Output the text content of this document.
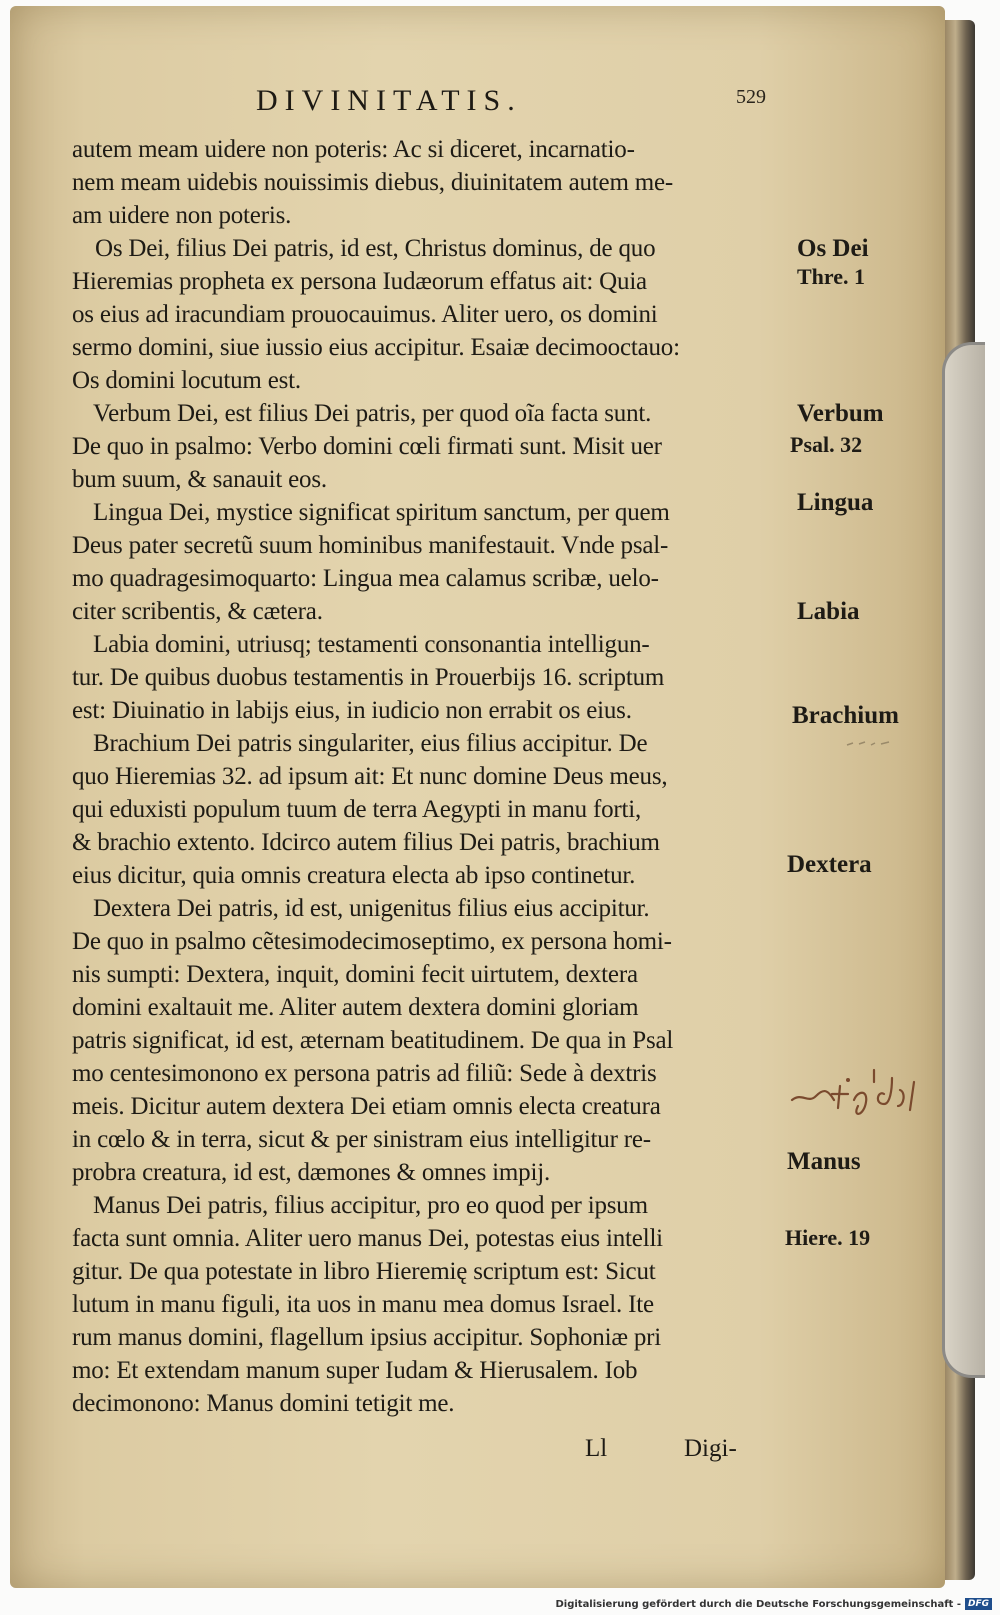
DIVINITATIS.	529
autem meam uidere non poteris: Ac si diceret, incarnatio-
nem meam uidebis nouissimis diebus, diuinitatem autem me-
am uidere non poteris.
Os Dei, filius Dei patris, id est, Christus dominus, de quo
Hieremias propheta ex persona Iudæorum effatus ait: Quia
os eius ad iracundiam prouocauimus. Aliter uero, os domini
sermo domini, siue iussio eius accipitur. Esaiæ decimooctauo:
Os domini locutum est.
Verbum Dei, est filius Dei patris, per quod oĩa facta sunt.
De quo in psalmo: Verbo domini cœli firmati sunt. Misit uer
bum suum, & sanauit eos.
Lingua Dei, mystice significat spiritum sanctum, per quem
Deus pater secretũ suum hominibus manifestauit. Vnde psal-
mo quadragesimoquarto: Lingua mea calamus scribæ, uelo-
citer scribentis, & cætera.
Labia domini, utriusq; testamenti consonantia intelligun-
tur. De quibus duobus testamentis in Prouerbijs 16. scriptum
est: Diuinatio in labijs eius, in iudicio non errabit os eius.
Brachium Dei patris singulariter, eius filius accipitur. De
quo Hieremias 32. ad ipsum ait: Et nunc domine Deus meus,
qui eduxisti populum tuum de terra Aegypti in manu forti,
& brachio extento. Idcirco autem filius Dei patris, brachium
eius dicitur, quia omnis creatura electa ab ipso continetur.
Dextera Dei patris, id est, unigenitus filius eius accipitur.
De quo in psalmo cẽtesimodecimoseptimo, ex persona homi-
nis sumpti: Dextera, inquit, domini fecit uirtutem, dextera
domini exaltauit me. Aliter autem dextera domini gloriam
patris significat, id est, æternam beatitudinem. De qua in Psal
mo centesimonono ex persona patris ad filiũ: Sede à dextris
meis. Dicitur autem dextera Dei etiam omnis electa creatura
in cœlo & in terra, sicut & per sinistram eius intelligitur re-
probra creatura, id est, dæmones & omnes impij.
Manus Dei patris, filius accipitur, pro eo quod per ipsum
facta sunt omnia. Aliter uero manus Dei, potestas eius intelli
gitur. De qua potestate in libro Hieremię scriptum est: Sicut
lutum in manu figuli, ita uos in manu mea domus Israel. Ite
rum manus domini, flagellum ipsius accipitur. Sophoniæ pri
mo: Et extendam manum super Iudam & Hierusalem. Iob
decimonono: Manus domini tetigit me.
Os Dei
Thre. 1
Verbum
Psal. 32
Lingua
Labia
Brachium
Dextera
Manus
Hiere. 19
Ll	Digi-
Digitalisierung gefördert durch die Deutsche Forschungsgemeinschaft - DFG
